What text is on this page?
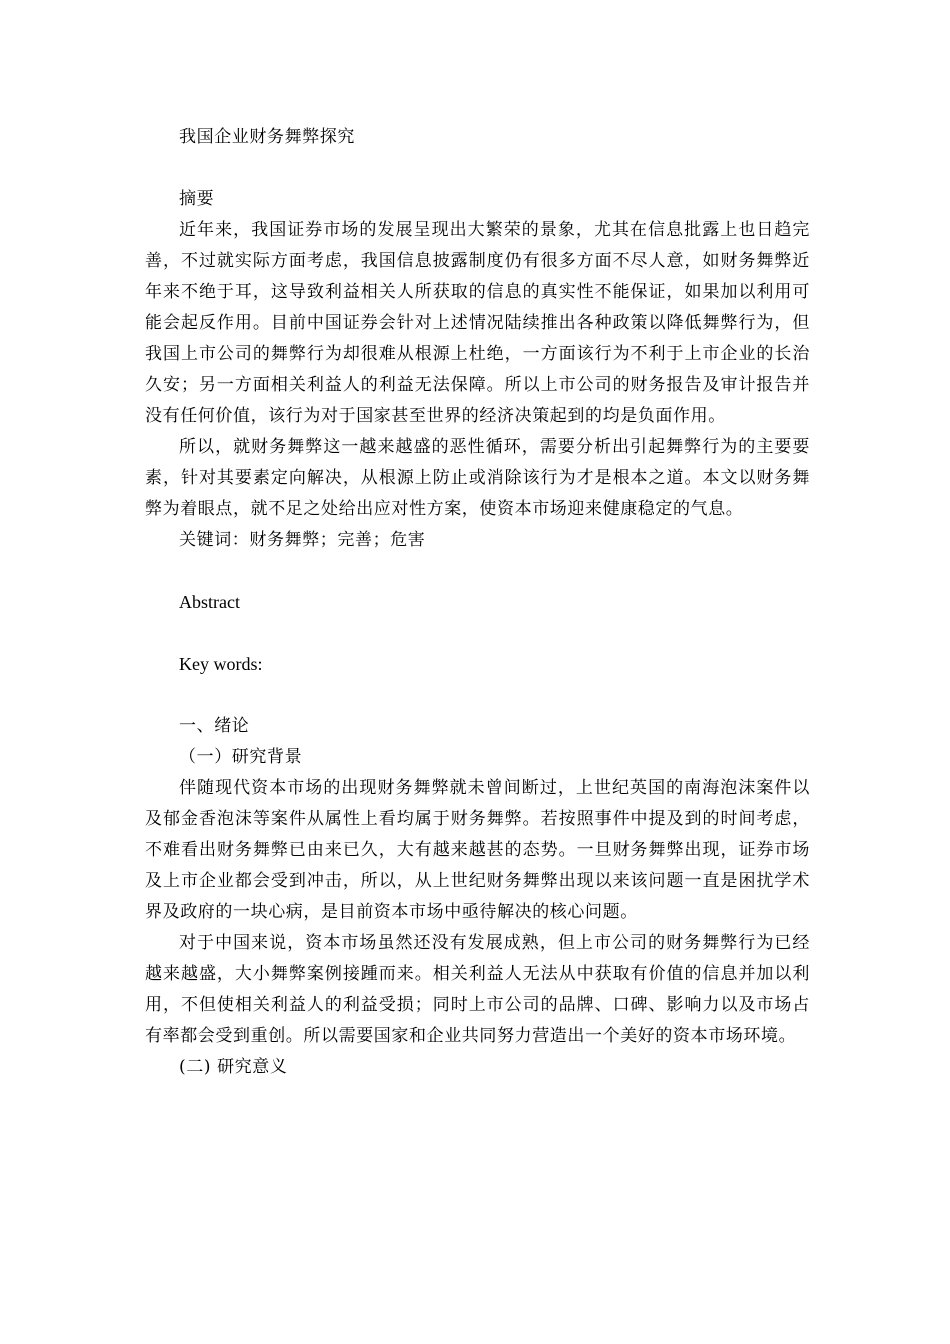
我国企业财务舞弊探究

摘要

近年来，我国证券市场的发展呈现出大繁荣的景象，尤其在信息批露上也日趋完善，不过就实际方面考虑，我国信息披露制度仍有很多方面不尽人意，如财务舞弊近年来不绝于耳，这导致利益相关人所获取的信息的真实性不能保证，如果加以利用可能会起反作用。目前中国证券会针对上述情况陆续推出各种政策以降低舞弊行为，但我国上市公司的舞弊行为却很难从根源上杜绝，一方面该行为不利于上市企业的长治久安；另一方面相关利益人的利益无法保障。所以上市公司的财务报告及审计报告并没有任何价值，该行为对于国家甚至世界的经济决策起到的均是负面作用。

所以，就财务舞弊这一越来越盛的恶性循环，需要分析出引起舞弊行为的主要要素，针对其要素定向解决，从根源上防止或消除该行为才是根本之道。本文以财务舞弊为着眼点，就不足之处给出应对性方案，使资本市场迎来健康稳定的气息。

关键词：财务舞弊；完善；危害

Abstract

Key words:

一、绪论

（一）研究背景

伴随现代资本市场的出现财务舞弊就未曾间断过，上世纪英国的南海泡沫案件以及郁金香泡沫等案件从属性上看均属于财务舞弊。若按照事件中提及到的时间考虑，不难看出财务舞弊已由来已久，大有越来越甚的态势。一旦财务舞弊出现，证券市场及上市企业都会受到冲击，所以，从上世纪财务舞弊出现以来该问题一直是困扰学术界及政府的一块心病，是目前资本市场中亟待解决的核心问题。

对于中国来说，资本市场虽然还没有发展成熟，但上市公司的财务舞弊行为已经越来越盛，大小舞弊案例接踵而来。相关利益人无法从中获取有价值的信息并加以利用，不但使相关利益人的利益受损；同时上市公司的品牌、口碑、影响力以及市场占有率都会受到重创。所以需要国家和企业共同努力营造出一个美好的资本市场环境。

(二) 研究意义
